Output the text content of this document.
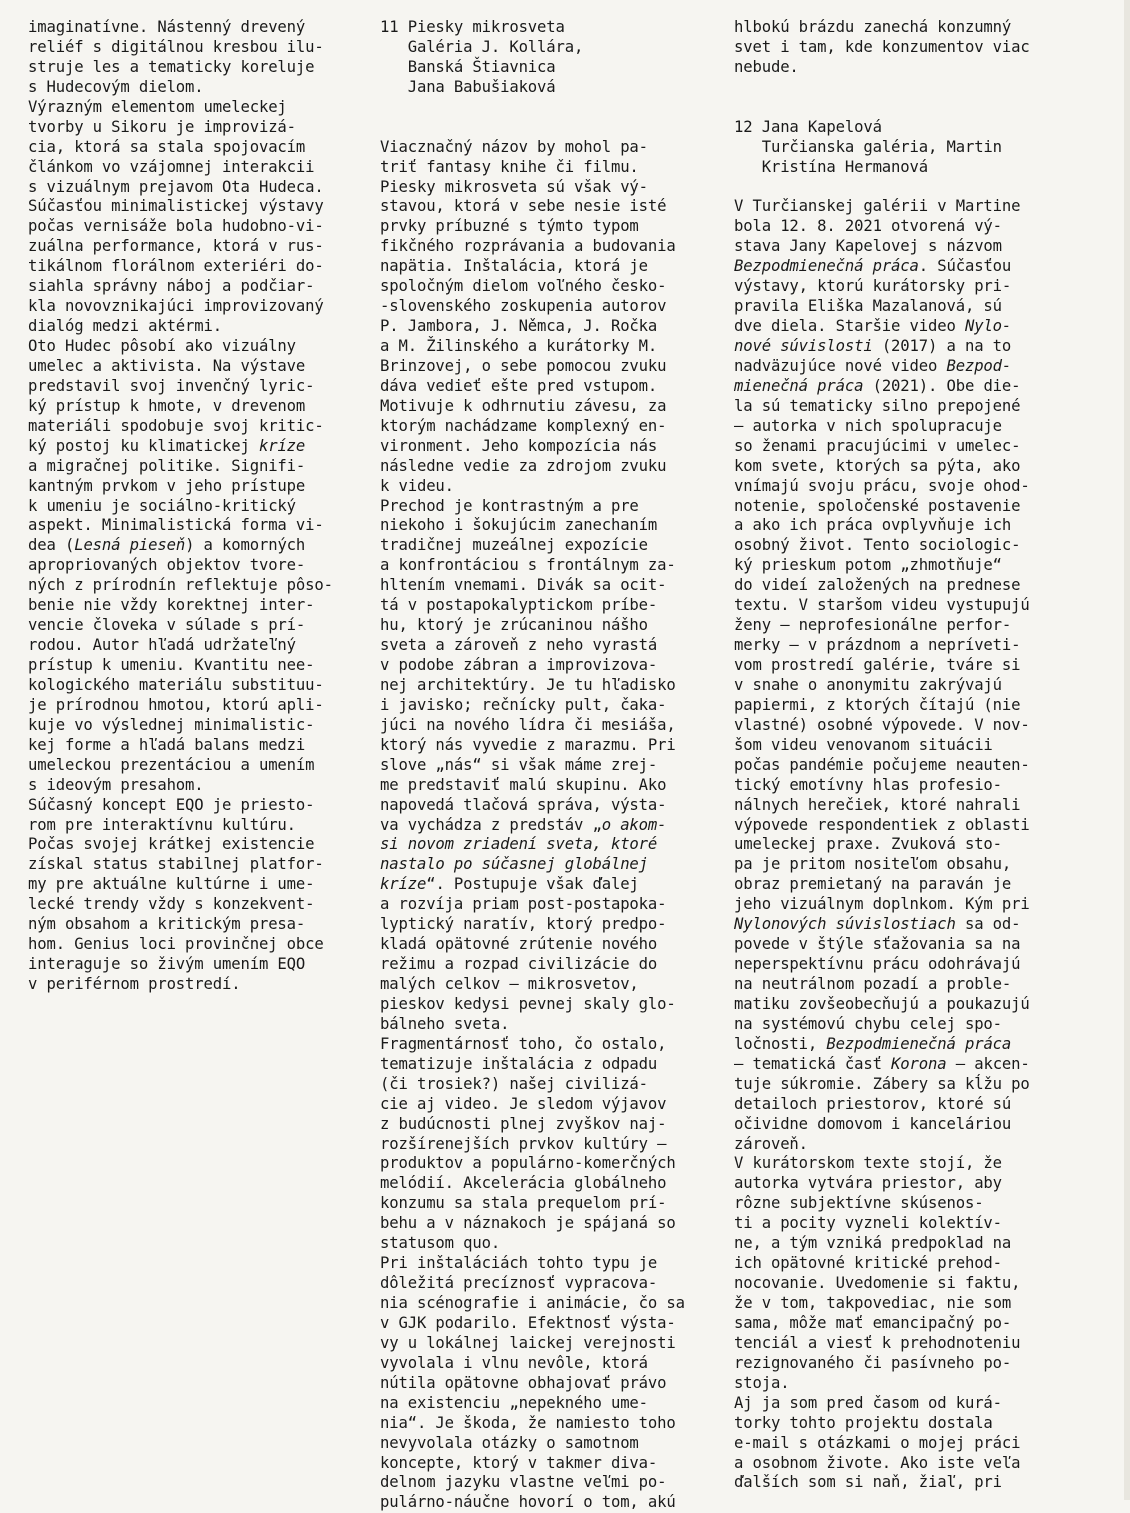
imaginatívne. Nástenný drevený
reliéf s digitálnou kresbou ilu-
struje les a tematicky koreluje
s Hudecovým dielom.
Výrazným elementom umeleckej
tvorby u Sikoru je improvizá-
cia, ktorá sa stala spojovacím
článkom vo vzájomnej interakcii
s vizuálnym prejavom Ota Hudeca.
Súčasťou minimalistickej výstavy
počas vernisáže bola hudobno-vi-
zuálna performance, ktorá v rus-
tikálnom florálnom exteriéri do-
siahla správny náboj a podčiar-
kla novovznikajúci improvizovaný
dialóg medzi aktérmi.
Oto Hudec pôsobí ako vizuálny
umelec a aktivista. Na výstave
predstavil svoj invenčný lyric-
ký prístup k hmote, v drevenom
materiáli spodobuje svoj kritic-
ký postoj ku klimatickej kríze
a migračnej politike. Signifi-
kantným prvkom v jeho prístupe
k umeniu je sociálno-kritický
aspekt. Minimalistická forma vi-
dea (Lesná pieseň) a komorných
apropriovaných objektov tvore-
ných z prírodnín reflektuje pôso-
benie nie vždy korektnej inter-
vencie človeka v súlade s prí-
rodou. Autor hľadá udržateľný
prístup k umeniu. Kvantitu nee-
kologického materiálu substituu-
je prírodnou hmotou, ktorú apli-
kuje vo výslednej minimalistic-
kej forme a hľadá balans medzi
umeleckou prezentáciou a umením
s ideovým presahom.
Súčasný koncept EQO je priesto-
rom pre interaktívnu kultúru.
Počas svojej krátkej existencie
získal status stabilnej platfor-
my pre aktuálne kultúrne i ume-
lecké trendy vždy s konzekvent-
ným obsahom a kritickým presa-
hom. Genius loci provinčnej obce
interaguje so živým umením EQO
v periférnom prostredí.
11 Piesky mikrosveta
Galéria J. Kollára,
Banská Štiavnica
Jana Babušiaková
Viacznačný názov by mohol pa-
triť fantasy knihe či filmu.
Piesky mikrosveta sú však vý-
stavou, ktorá v sebe nesie isté
prvky príbuzné s týmto typom
fikčného rozprávania a budovania
napätia. Inštalácia, ktorá je
spoločným dielom voľného česko-
-slovenského zoskupenia autorov
P. Jambora, J. Němca, J. Ročka
a M. Žilinského a kurátorky M.
Brinzovej, o sebe pomocou zvuku
dáva vedieť ešte pred vstupom.
Motivuje k odhrnutiu závesu, za
ktorým nachádzame komplexný en-
vironment. Jeho kompozícia nás
následne vedie za zdrojom zvuku
k videu.
Prechod je kontrastným a pre
niekoho i šokujúcim zanechaním
tradičnej muzeálnej expozície
a konfrontáciou s frontálnym za-
hltením vnemami. Divák sa ocit-
tá v postapokalyptickom príbe-
hu, ktorý je zrúcaninou nášho
sveta a zároveň z neho vyrastá
v podobe zábran a improvizova-
nej architektúry. Je tu hľadisko
i javisko; rečnícky pult, čaka-
júci na nového lídra či mesiáša,
ktorý nás vyvedie z marazmu. Pri
slove „nás“ si však máme zrej-
me predstaviť malú skupinu. Ako
napovedá tlačová správa, výsta-
va vychádza z predstáv „o akom-
si novom zriadení sveta, ktoré
nastalo po súčasnej globálnej
kríze“. Postupuje však ďalej
a rozvíja priam post-postapoka-
lyptický naratív, ktorý predpo-
kladá opätovné zrútenie nového
režimu a rozpad civilizácie do
malých celkov – mikrosvetov,
pieskov kedysi pevnej skaly glo-
bálneho sveta.
Fragmentárnosť toho, čo ostalo,
tematizuje inštalácia z odpadu
(či trosiek?) našej civilizá-
cie aj video. Je sledom výjavov
z budúcnosti plnej zvyškov naj-
rozšírenejších prvkov kultúry –
produktov a populárno-komerčných
melódií. Akcelerácia globálneho
konzumu sa stala prequelom prí-
behu a v náznakoch je spájaná so
statusom quo.
Pri inštaláciách tohto typu je
dôležitá precíznosť vypracova-
nia scénografie i animácie, čo sa
v GJK podarilo. Efektnosť výsta-
vy u lokálnej laickej verejnosti
vyvolala i vlnu nevôle, ktorá
nútila opätovne obhajovať právo
na existenciu „nepekného ume-
nia“. Je škoda, že namiesto toho
nevyvolala otázky o samotnom
koncepte, ktorý v takmer diva-
delnom jazyku vlastne veľmi po-
pulárno-náučne hovorí o tom, akú
hlbokú brázdu zanechá konzumný
svet i tam, kde konzumentov viac
nebude.
12 Jana Kapelová
Turčianska galéria, Martin
Kristína Hermanová
V Turčianskej galérii v Martine
bola 12. 8. 2021 otvorená vý-
stava Jany Kapelovej s názvom
Bezpodmienečná práca. Súčasťou
výstavy, ktorú kurátorsky pri-
pravila Eliška Mazalanová, sú
dve diela. Staršie video Nylo-
nové súvislosti (2017) a na to
nadväzujúce nové video Bezpod-
mienečná práca (2021). Obe die-
la sú tematicky silno prepojené
– autorka v nich spolupracuje
so ženami pracujúcimi v umelec-
kom svete, ktorých sa pýta, ako
vnímajú svoju prácu, svoje ohod-
notenie, spoločenské postavenie
a ako ich práca ovplyvňuje ich
osobný život. Tento sociologic-
ký prieskum potom „zhmotňuje“
do videí založených na prednese
textu. V staršom videu vystupujú
ženy – neprofesionálne perfor-
merky – v prázdnom a nepríveti-
vom prostredí galérie, tváre si
v snahe o anonymitu zakrývajú
papiermi, z ktorých čítajú (nie
vlastné) osobné výpovede. V nov-
šom videu venovanom situácii
počas pandémie počujeme neauten-
tický emotívny hlas profesio-
nálnych herečiek, ktoré nahrali
výpovede respondentiek z oblasti
umeleckej praxe. Zvuková sto-
pa je pritom nositeľom obsahu,
obraz premietaný na paraván je
jeho vizuálnym doplnkom. Kým pri
Nylonových súvislostiach sa od-
povede v štýle sťažovania sa na
neperspektívnu prácu odohrávajú
na neutrálnom pozadí a proble-
matiku zovšeobecňujú a poukazujú
na systémovú chybu celej spo-
ločnosti, Bezpodmienečná práca
– tematická časť Korona – akcen-
tuje súkromie. Zábery sa kĺžu po
detailoch priestorov, ktoré sú
očividne domovom i kanceláriou
zároveň.
V kurátorskom texte stojí, že
autorka vytvára priestor, aby
rôzne subjektívne skúsenos-
ti a pocity vyzneli kolektív-
ne, a tým vzniká predpoklad na
ich opätovné kritické prehod-
nocovanie. Uvedomenie si faktu,
že v tom, takpovediac, nie som
sama, môže mať emancipačný po-
tenciál a viesť k prehodnoteniu
rezignovaného či pasívneho po-
stoja.
Aj ja som pred časom od kurá-
torky tohto projektu dostala
e-mail s otázkami o mojej práci
a osobnom živote. Ako iste veľa
ďalších som si naň, žiaľ, pri
